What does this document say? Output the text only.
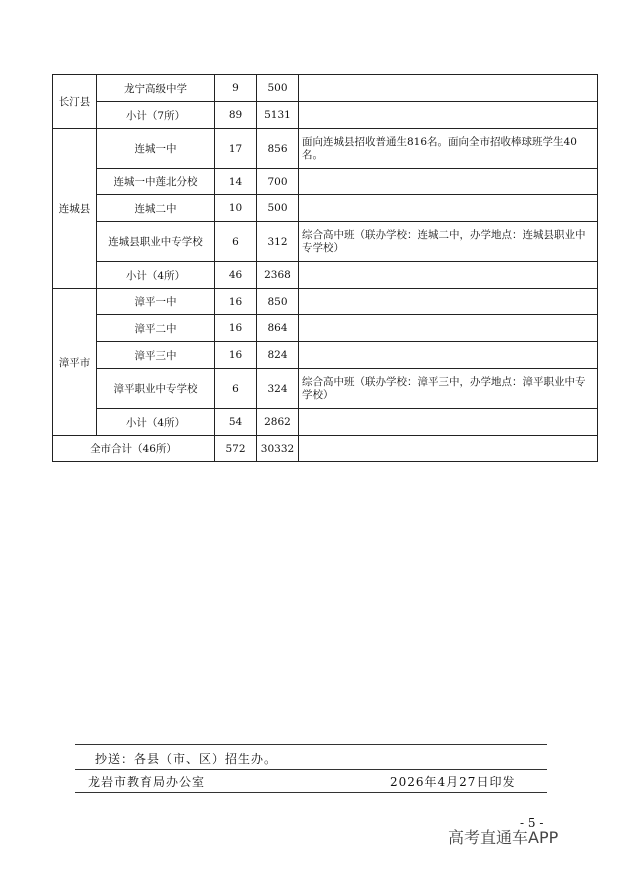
长汀县	龙宁高级中学	9	500	
	小计（7所）	89	5131	
连城县	连城一中	17	856	面向连城县招收普通生816名。面向全市招收棒球班学生40名。
	连城一中莲北分校	14	700	
	连城二中	10	500	
	连城县职业中专学校	6	312	综合高中班（联办学校：连城二中，办学地点：连城县职业中专学校）
	小计（4所）	46	2368	
漳平市	漳平一中	16	850	
	漳平二中	16	864	
	漳平三中	16	824	
	漳平职业中专学校	6	324	综合高中班（联办学校：漳平三中，办学地点：漳平职业中专学校）
	小计（4所）	54	2862	
全市合计（46所）		572	30332	
抄送：各县（市、区）招生办。
龙岩市教育局办公室	2026年4月27日印发
- 5 -
高考直通车APP
